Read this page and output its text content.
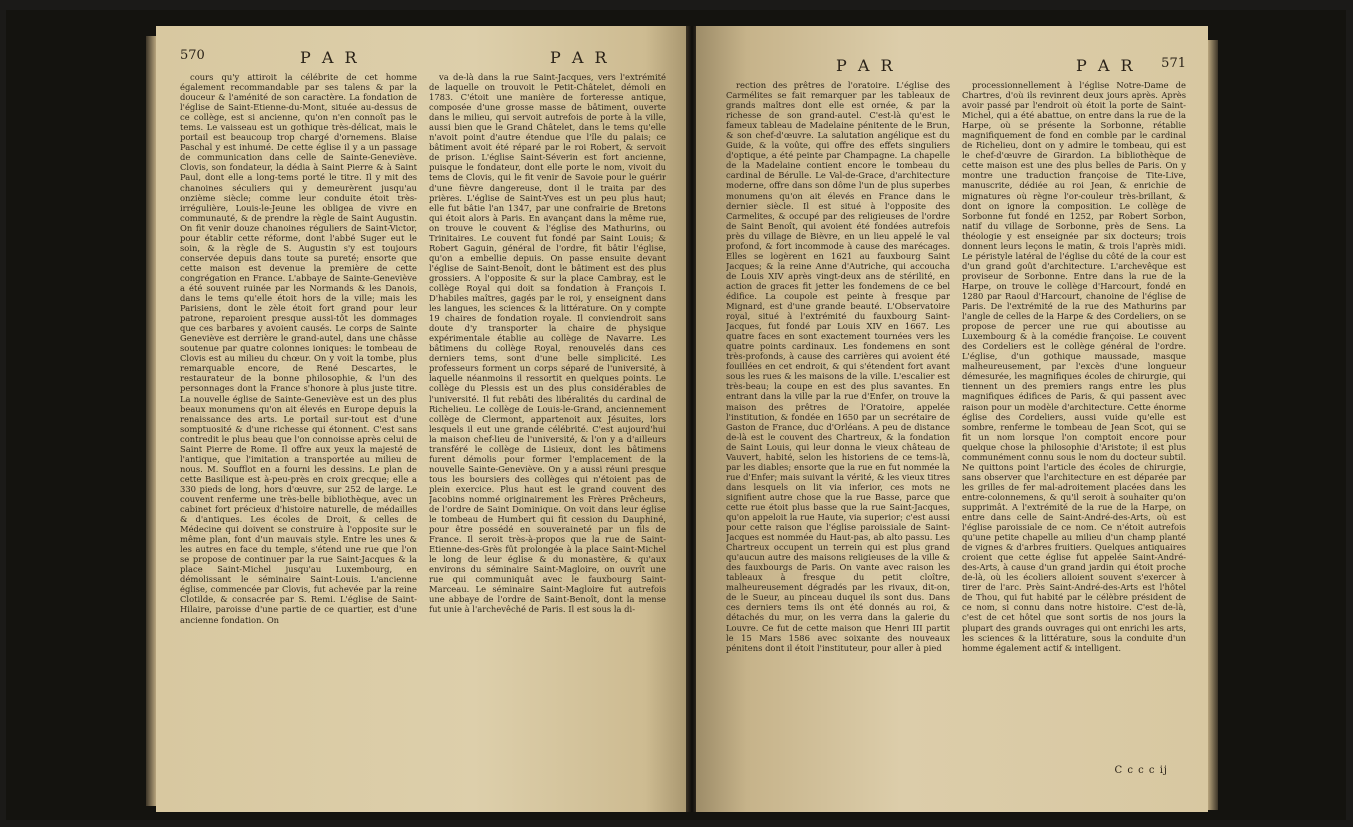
570	P A R	P A R

cours qu'y attiroit la célébrite de cet homme également recommandable par ses talens & par la douceur & l'aménité de son caractère. La fondation de l'église de Saint-Etienne-du-Mont, située au-dessus de ce collège, est si ancienne, qu'on n'en connoît pas le tems. Le vaisseau est un gothique très-délicat, mais le portail est beaucoup trop chargé d'ornemens. Blaise Paschal y est inhumé. De cette église il y a un passage de communication dans celle de Sainte-Geneviève. Clovis, son fondateur, la dédia à Saint Pierre & à Saint Paul, dont elle a long-tems porté le titre. Il y mit des chanoines séculiers qui y demeurèrent jusqu'au onzième siècle; comme leur conduite étoit très-irrégulière, Louis-le-Jeune les obligea de vivre en communauté, & de prendre la règle de Saint Augustin. On fit venir douze chanoines réguliers de Saint-Victor, pour établir cette réforme, dont l'abbé Suger eut le soin, & la règle de S. Augustin s'y est toujours conservée depuis dans toute sa pureté; ensorte que cette maison est devenue la première de cette congrégation en France. L'abbaye de Sainte-Geneviève a été souvent ruinée par les Normands & les Danois, dans le tems qu'elle étoit hors de la ville; mais les Parisiens, dont le zèle étoit fort grand pour leur patrone, reparoient presque aussi-tôt les dommages que ces barbares y avoient causés. Le corps de Sainte Geneviève est derrière le grand-autel, dans une châsse soutenue par quatre colonnes ioniques: le tombeau de Clovis est au milieu du chœur. On y voit la tombe, plus remarquable encore, de René Descartes, le restaurateur de la bonne philosophie, & l'un des personnages dont la France s'honore à plus juste titre. La nouvelle église de Sainte-Geneviève est un des plus beaux monumens qu'on ait élevés en Europe depuis la renaissance des arts. Le portail sur-tout est d'une somptuosité & d'une richesse qui étonnent. C'est sans contredit le plus beau que l'on connoisse après celui de Saint Pierre de Rome. Il offre aux yeux la majesté de l'antique, que l'imitation a transportée au milieu de nous. M. Soufflot en a fourni les dessins. Le plan de cette Basilique est à-peu-près en croix grecque; elle a 330 pieds de long, hors d'œuvre, sur 252 de large. Le couvent renferme une très-belle bibliothèque, avec un cabinet fort précieux d'histoire naturelle, de médailles & d'antiques. Les écoles de Droit, & celles de Médecine qui doivent se construire à l'opposite sur le même plan, font d'un mauvais style. Entre les unes & les autres en face du temple, s'étend une rue que l'on se propose de continuer par la rue Saint-Jacques & la place Saint-Michel jusqu'au Luxembourg, en démolissant le séminaire Saint-Louis. L'ancienne église, commencée par Clovis, fut achevée par la reine Clotilde, & consacrée par S. Remi. L'église de Saint-Hilaire, paroisse d'une partie de ce quartier, est d'une ancienne fondation. On

va de-là dans la rue Saint-Jacques, vers l'extrémité de laquelle on trouvoit le Petit-Châtelet, démoli en 1783. C'étoit une manière de forteresse antique, composée d'une grosse masse de bâtiment, ouverte dans le milieu, qui servoit autrefois de porte à la ville, aussi bien que le Grand Châtelet, dans le tems qu'elle n'avoit point d'autre étendue que l'île du palais; ce bâtiment avoit été réparé par le roi Robert, & servoit de prison. L'église Saint-Séverin est fort ancienne, puisque le fondateur, dont elle porte le nom, vivoit du tems de Clovis, qui le fit venir de Savoie pour le guérir d'une fièvre dangereuse, dont il le traita par des prières. L'église de Saint-Yves est un peu plus haut; elle fut bâtie l'an 1347, par une confrairie de Bretons qui étoit alors à Paris. En avançant dans la même rue, on trouve le couvent & l'église des Mathurins, ou Trinitaires. Le couvent fut fondé par Saint Louis; & Robert Gaguin, général de l'ordre, fit bâtir l'église, qu'on a embellie depuis. On passe ensuite devant l'église de Saint-Benoît, dont le bâtiment est des plus grossiers. A l'opposite & sur la place Cambray, est le collège Royal qui doit sa fondation à François I. D'habiles maîtres, gagés par le roi, y enseignent dans les langues, les sciences & la littérature. On y compte 19 chaires de fondation royale. Il conviendroit sans doute d'y transporter la chaire de physique expérimentale établie au collège de Navarre. Les bâtimens du collège Royal, renouvelés dans ces derniers tems, sont d'une belle simplicité. Les professeurs forment un corps séparé de l'université, à laquelle néanmoins il ressortit en quelques points. Le collège du Plessis est un des plus considérables de l'université. Il fut rebâti des libéralités du cardinal de Richelieu. Le collège de Louis-le-Grand, anciennement collège de Clermont, appartenoit aux Jésuites, lors lesquels il eut une grande célébrité. C'est aujourd'hui la maison chef-lieu de l'université, & l'on y a d'ailleurs transféré le collège de Lisieux, dont les bâtimens furent démolis pour former l'emplacement de la nouvelle Sainte-Geneviève. On y a aussi réuni presque tous les boursiers des collèges qui n'étoient pas de plein exercice. Plus haut est le grand couvent des Jacobins nommé originairement les Frères Prêcheurs, de l'ordre de Saint Dominique. On voit dans leur église le tombeau de Humbert qui fit cession du Dauphiné, pour être possédé en souveraineté par un fils de France. Il seroit très-à-propos que la rue de Saint-Etienne-des-Grès fût prolongée à la place Saint-Michel le long de leur église & du monastère, & qu'aux environs du séminaire Saint-Magloire, on ouvrît une rue qui communiquât avec le fauxbourg Saint-Marceau. Le séminaire Saint-Magloire fut autrefois une abbaye de l'ordre de Saint-Benoît, dont la mense fut unie à l'archevêché de Paris. Il est sous la di-

P A R	P A R 571

rection des prêtres de l'oratoire. L'église des Carmélites se fait remarquer par les tableaux de grands maîtres dont elle est ornée, & par la richesse de son grand-autel. C'est-là qu'est le fameux tableau de Madelaine pénitente de le Brun, & son chef-d'œuvre. La salutation angélique est du Guide, & la voûte, qui offre des effets singuliers d'optique, a été peinte par Champagne. La chapelle de la Madelaine contient encore le tombeau du cardinal de Bérulle. Le Val-de-Grace, d'architecture moderne, offre dans son dôme l'un de plus superbes monumens qu'on ait élevés en France dans le dernier siècle. Il est situé à l'opposite des Carmelites, & occupé par des religieuses de l'ordre de Saint Benoît, qui avoient été fondées autrefois près du village de Bièvre, en un lieu appelé le val profond, & fort incommode à cause des marécages. Elles se logèrent en 1621 au fauxbourg Saint Jacques; & la reine Anne d'Autriche, qui accoucha de Louis XIV après vingt-deux ans de stérilité, en action de graces fit jetter les fondemens de ce bel édifice. La coupole est peinte à fresque par Mignard, est d'une grande beauté. L'Observatoire royal, situé à l'extrémité du fauxbourg Saint-Jacques, fut fondé par Louis XIV en 1667. Les quatre faces en sont exactement tournées vers les quatre points cardinaux. Les fondemens en sont très-profonds, à cause des carrières qui avoient été fouillées en cet endroit, & qui s'étendent fort avant sous les rues & les maisons de la ville. L'escalier est très-beau; la coupe en est des plus savantes. En entrant dans la ville par la rue d'Enfer, on trouve la maison des prêtres de l'Oratoire, appelée l'institution, & fondée en 1650 par un secrétaire de Gaston de France, duc d'Orléans. A peu de distance de-là est le couvent des Chartreux, & la fondation de Saint Louis, qui leur donna le vieux château de Vauvert, habité, selon les historiens de ce tems-là, par les diables; ensorte que la rue en fut nommée la rue d'Enfer; mais suivant la vérité, & les vieux titres dans lesquels on lit via inferior, ces mots ne signifient autre chose que la rue Basse, parce que cette rue étoit plus basse que la rue Saint-Jacques, qu'on appeloit la rue Haute, via superior; c'est aussi pour cette raison que l'église paroissiale de Saint-Jacques est nommée du Haut-pas, ab alto passu. Les Chartreux occupent un terrein qui est plus grand qu'aucun autre des maisons religieuses de la ville & des fauxbourgs de Paris. On vante avec raison les tableaux à fresque du petit cloître, malheureusement dégradés par les rivaux, dit-on, de le Sueur, au pinceau duquel ils sont dus. Dans ces derniers tems ils ont été donnés au roi, & détachés du mur, on les verra dans la galerie du Louvre. Ce fut de cette maison que Henri III partit le 15 Mars 1586 avec soixante des nouveaux pénitens dont il étoit l'instituteur, pour aller à pied

processionnellement à l'église Notre-Dame de Chartres, d'où ils revinrent deux jours après. Après avoir passé par l'endroit où étoit la porte de Saint-Michel, qui a été abattue, on entre dans la rue de la Harpe, où se présente la Sorbonne, rétablie magnifiquement de fond en comble par le cardinal de Richelieu, dont on y admire le tombeau, qui est le chef-d'œuvre de Girardon. La bibliothèque de cette maison est une des plus belles de Paris. On y montre une traduction françoise de Tite-Live, manuscrite, dédiée au roi Jean, & enrichie de mignatures où règne l'or-couleur très-brillant, & dont on ignore la composition. Le collège de Sorbonne fut fondé en 1252, par Robert Sorbon, natif du village de Sorbonne, près de Sens. La théologie y est enseignée par six docteurs; trois donnent leurs leçons le matin, & trois l'après midi. Le péristyle latéral de l'église du côté de la cour est d'un grand goût d'architecture. L'archevêque est proviseur de Sorbonne. Entre dans la rue de la Harpe, on trouve le collège d'Harcourt, fondé en 1280 par Raoul d'Harcourt, chanoine de l'église de Paris. De l'extrémité de la rue des Mathurins par l'angle de celles de la Harpe & des Cordeliers, on se propose de percer une rue qui aboutisse au Luxembourg & à la comédie françoise. Le couvent des Cordeliers est le collège général de l'ordre. L'église, d'un gothique maussade, masque malheureusement, par l'excès d'une longueur démesurée, les magnifiques écoles de chirurgie, qui tiennent un des premiers rangs entre les plus magnifiques édifices de Paris, & qui passent avec raison pour un modèle d'architecture. Cette énorme église des Cordeliers, aussi vuide qu'elle est sombre, renferme le tombeau de Jean Scot, qui se fit un nom lorsque l'on comptoit encore pour quelque chose la philosophie d'Aristote; il est plus communément connu sous le nom du docteur subtil. Ne quittons point l'article des écoles de chirurgie, sans observer que l'architecture en est déparée par les grilles de fer mal-adroitement placées dans les entre-colonnemens, & qu'il seroit à souhaiter qu'on supprimât. A l'extrémité de la rue de la Harpe, on entre dans celle de Saint-André-des-Arts, où est l'église paroissiale de ce nom. Ce n'étoit autrefois qu'une petite chapelle au milieu d'un champ planté de vignes & d'arbres fruitiers. Quelques antiquaires croient que cette église fut appelée Saint-André-des-Arts, à cause d'un grand jardin qui étoit proche de-là, où les écoliers alloient souvent s'exercer à tirer de l'arc. Près Saint-André-des-Arts est l'hôtel de Thou, qui fut habité par le célèbre président de ce nom, si connu dans notre histoire. C'est de-là, c'est de cet hôtel que sont sortis de nos jours la plupart des grands ouvrages qui ont enrichi les arts, les sciences & la littérature, sous la conduite d'un homme également actif & intelligent.

C c c c ij
